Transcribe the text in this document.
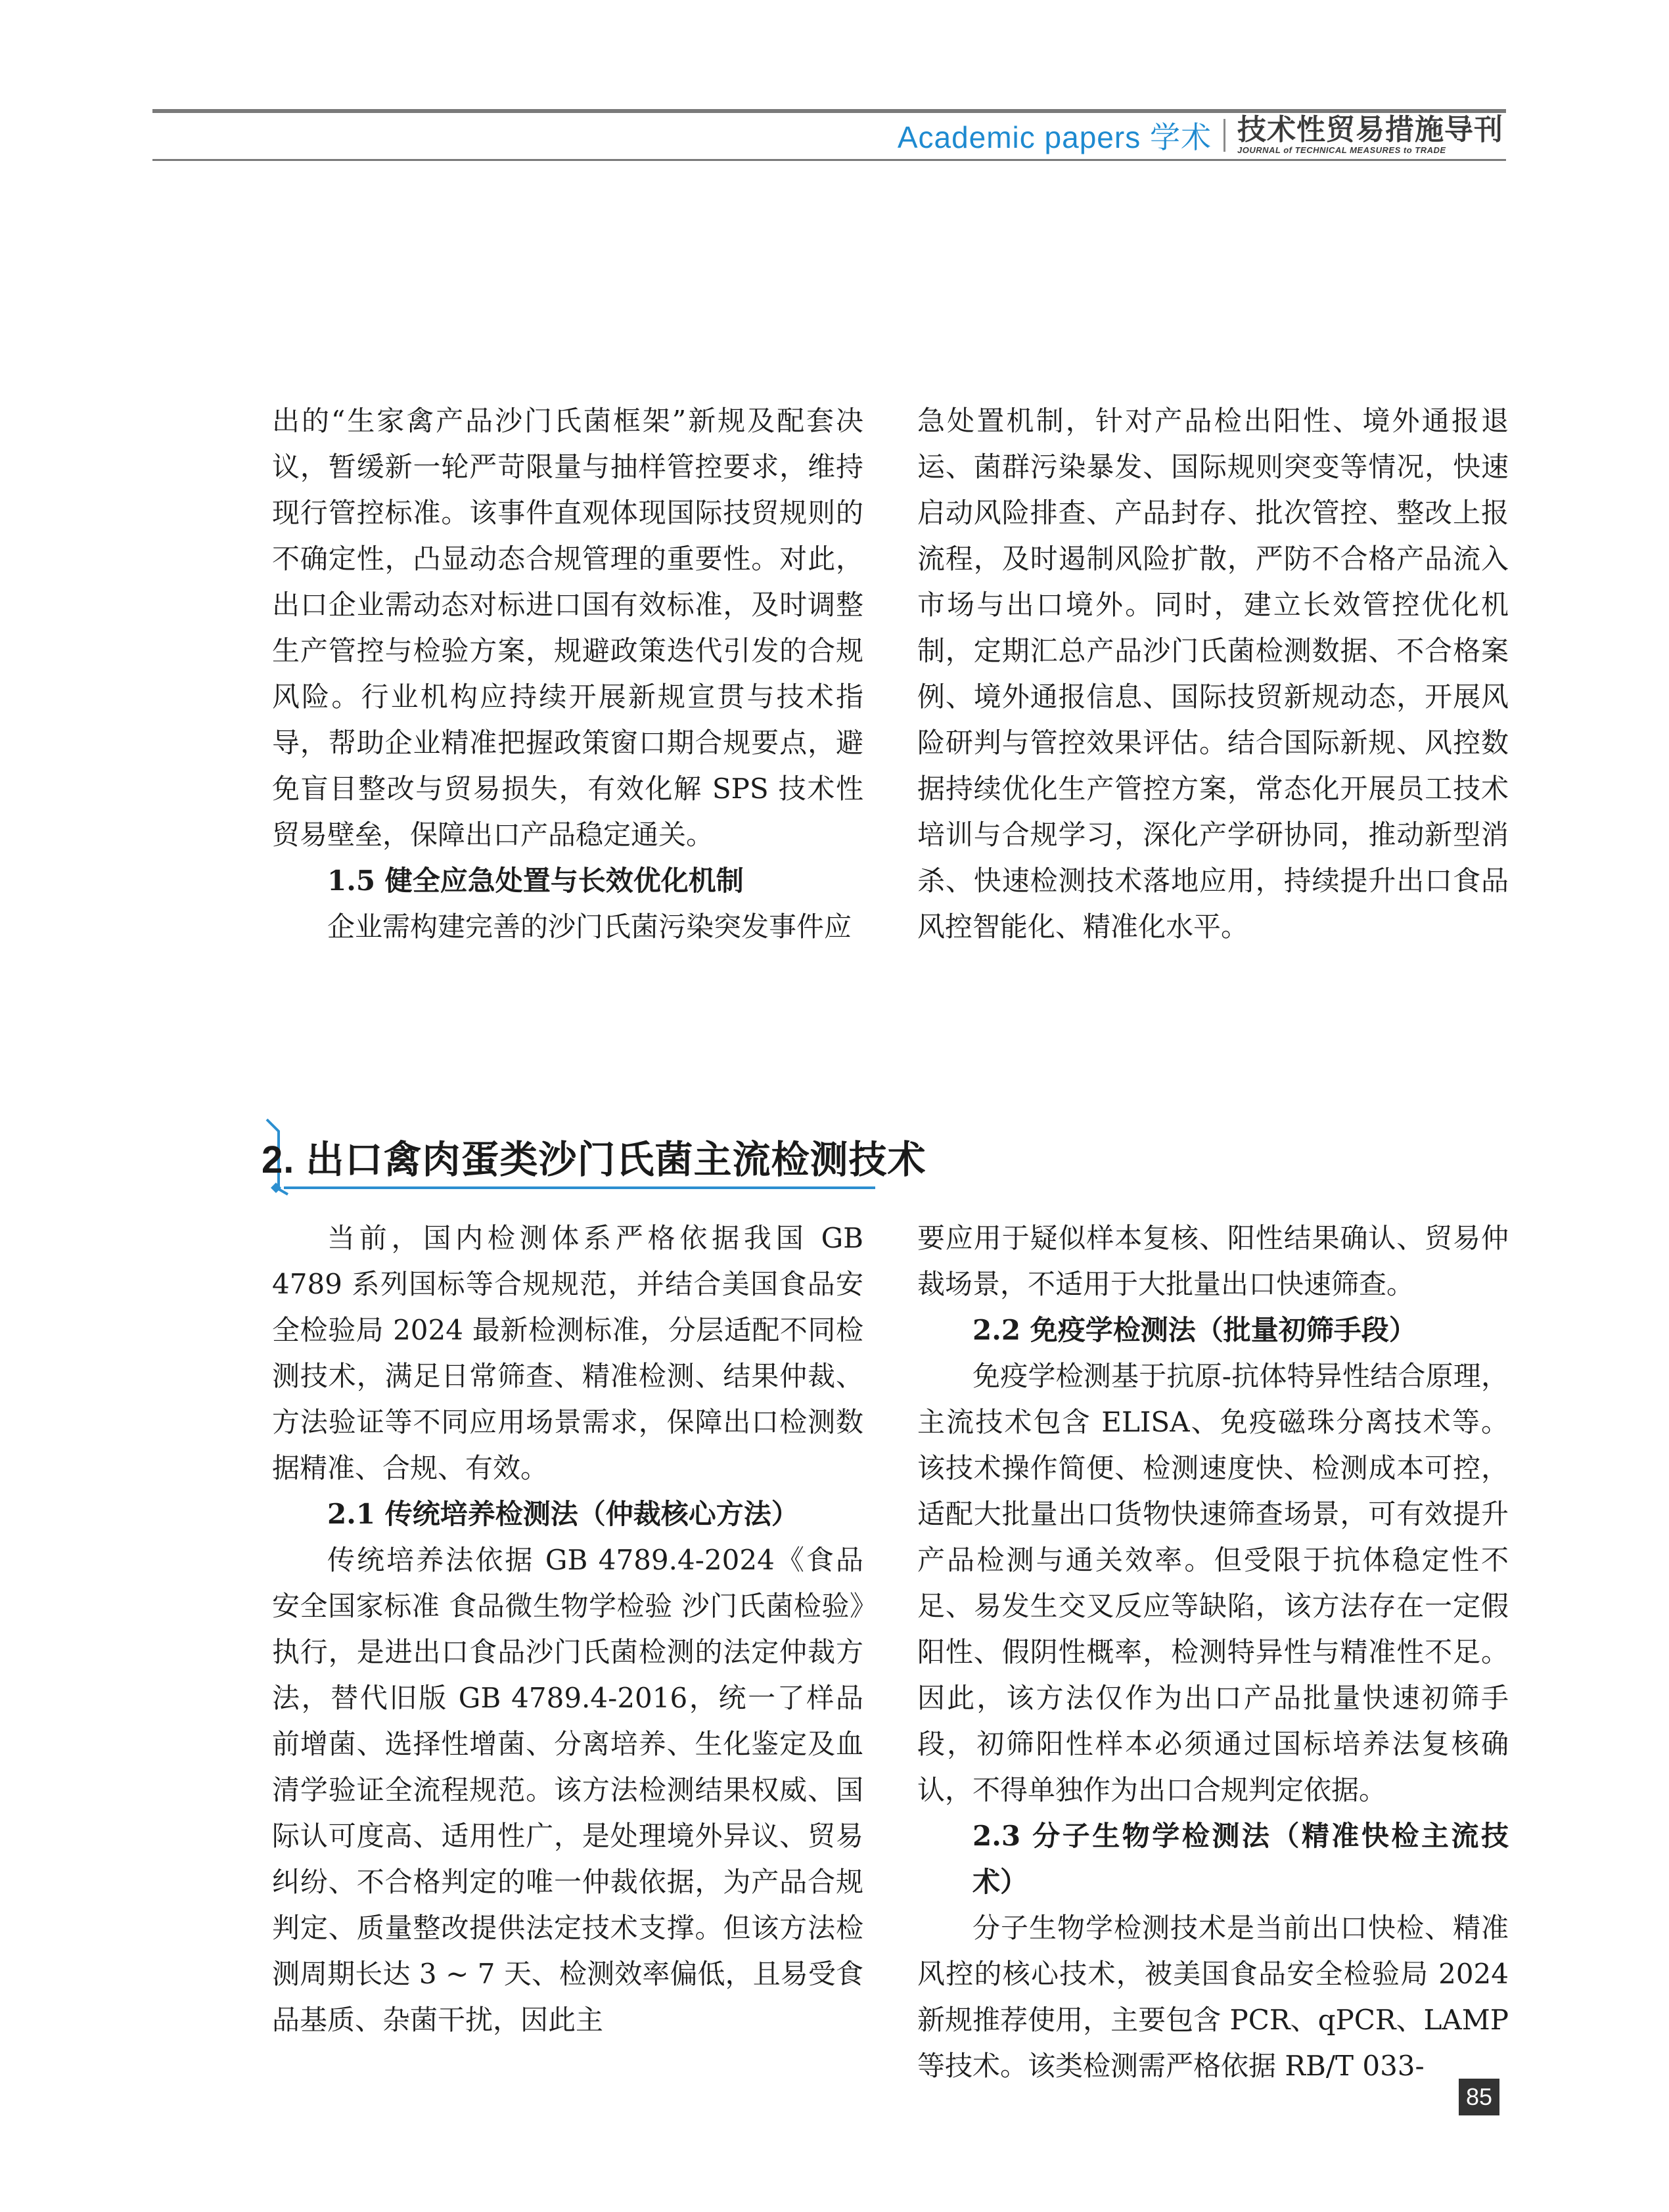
Academic papers 学术 技术性贸易措施导刊
JOURNAL of TECHNICAL MEASURES to TRADE

出的“生家禽产品沙门氏菌框架”新规及配套决议，暂缓新一轮严苛限量与抽样管控要求，维持现行管控标准。该事件直观体现国际技贸规则的不确定性，凸显动态合规管理的重要性。对此，出口企业需动态对标进口国有效标准，及时调整生产管控与检验方案，规避政策迭代引发的合规风险。行业机构应持续开展新规宣贯与技术指导，帮助企业精准把握政策窗口期合规要点，避免盲目整改与贸易损失，有效化解 SPS 技术性贸易壁垒，保障出口产品稳定通关。

1.5 健全应急处置与长效优化机制

企业需构建完善的沙门氏菌污染突发事件应

急处置机制，针对产品检出阳性、境外通报退运、菌群污染暴发、国际规则突变等情况，快速启动风险排查、产品封存、批次管控、整改上报流程，及时遏制风险扩散，严防不合格产品流入市场与出口境外。同时，建立长效管控优化机制，定期汇总产品沙门氏菌检测数据、不合格案例、境外通报信息、国际技贸新规动态，开展风险研判与管控效果评估。结合国际新规、风控数据持续优化生产管控方案，常态化开展员工技术培训与合规学习，深化产学研协同，推动新型消杀、快速检测技术落地应用，持续提升出口食品风控智能化、精准化水平。

2. 出口禽肉蛋类沙门氏菌主流检测技术

当前，国内检测体系严格依据我国 GB 4789 系列国标等合规规范，并结合美国食品安全检验局 2024 最新检测标准，分层适配不同检测技术，满足日常筛查、精准检测、结果仲裁、方法验证等不同应用场景需求，保障出口检测数据精准、合规、有效。

2.1 传统培养检测法（仲裁核心方法）

传统培养法依据 GB 4789.4-2024《食品安全国家标准 食品微生物学检验 沙门氏菌检验》执行，是进出口食品沙门氏菌检测的法定仲裁方法，替代旧版 GB 4789.4-2016，统一了样品前增菌、选择性增菌、分离培养、生化鉴定及血清学验证全流程规范。该方法检测结果权威、国际认可度高、适用性广，是处理境外异议、贸易纠纷、不合格判定的唯一仲裁依据，为产品合规判定、质量整改提供法定技术支撑。但该方法检测周期长达 3 ~ 7 天、检测效率偏低，且易受食品基质、杂菌干扰，因此主

要应用于疑似样本复核、阳性结果确认、贸易仲裁场景，不适用于大批量出口快速筛查。

2.2 免疫学检测法（批量初筛手段）

免疫学检测基于抗原-抗体特异性结合原理，主流技术包含 ELISA、免疫磁珠分离技术等。该技术操作简便、检测速度快、检测成本可控，适配大批量出口货物快速筛查场景，可有效提升产品检测与通关效率。但受限于抗体稳定性不足、易发生交叉反应等缺陷，该方法存在一定假阳性、假阴性概率，检测特异性与精准性不足。因此，该方法仅作为出口产品批量快速初筛手段，初筛阳性样本必须通过国标培养法复核确认，不得单独作为出口合规判定依据。

2.3 分子生物学检测法（精准快检主流技术）

分子生物学检测技术是当前出口快检、精准风控的核心技术，被美国食品安全检验局 2024 新规推荐使用，主要包含 PCR、qPCR、LAMP 等技术。该类检测需严格依据 RB/T 033-

85
